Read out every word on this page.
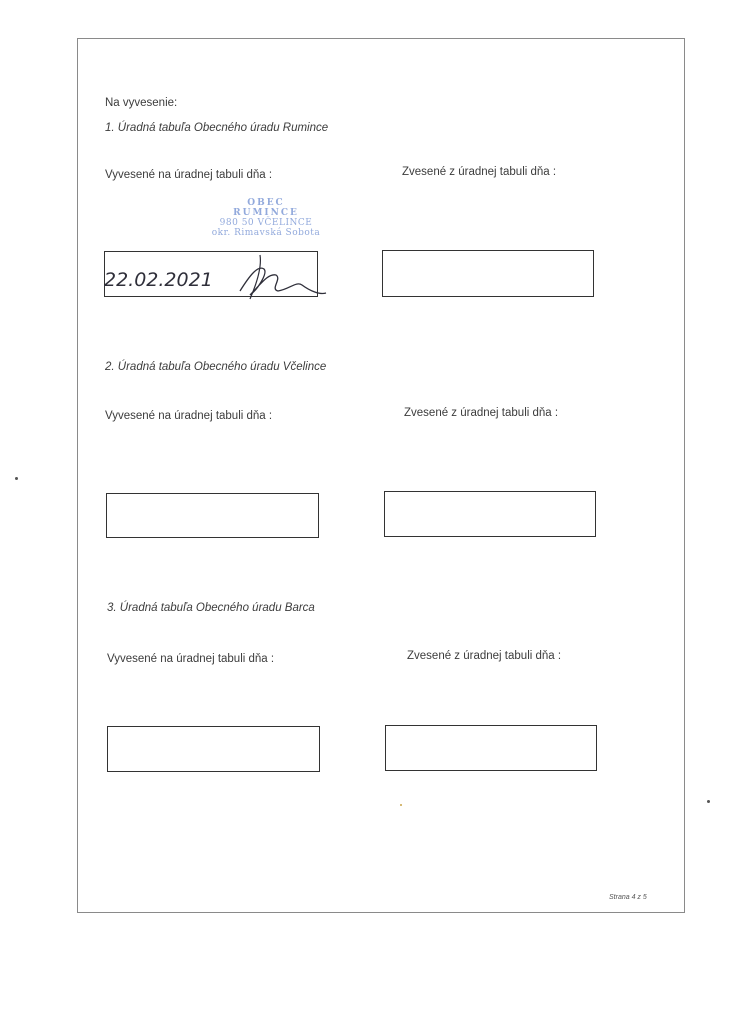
Na vyvesenie:
1. Úradná tabuľa Obecného úradu Rumince
Vyvesené na úradnej tabuli dňa :	Zvesené z úradnej tabuli dňa :
OBEC
RUMINCE
980 50 VČELINCE
okr. Rimavská Sobota
22.02.2021
2. Úradná tabuľa Obecného úradu Včelince
Vyvesené na úradnej tabuli dňa :	Zvesené z úradnej tabuli dňa :
3. Úradná tabuľa Obecného úradu Barca
Vyvesené na úradnej tabuli dňa :	Zvesené z úradnej tabuli dňa :
Strana 4 z 5
